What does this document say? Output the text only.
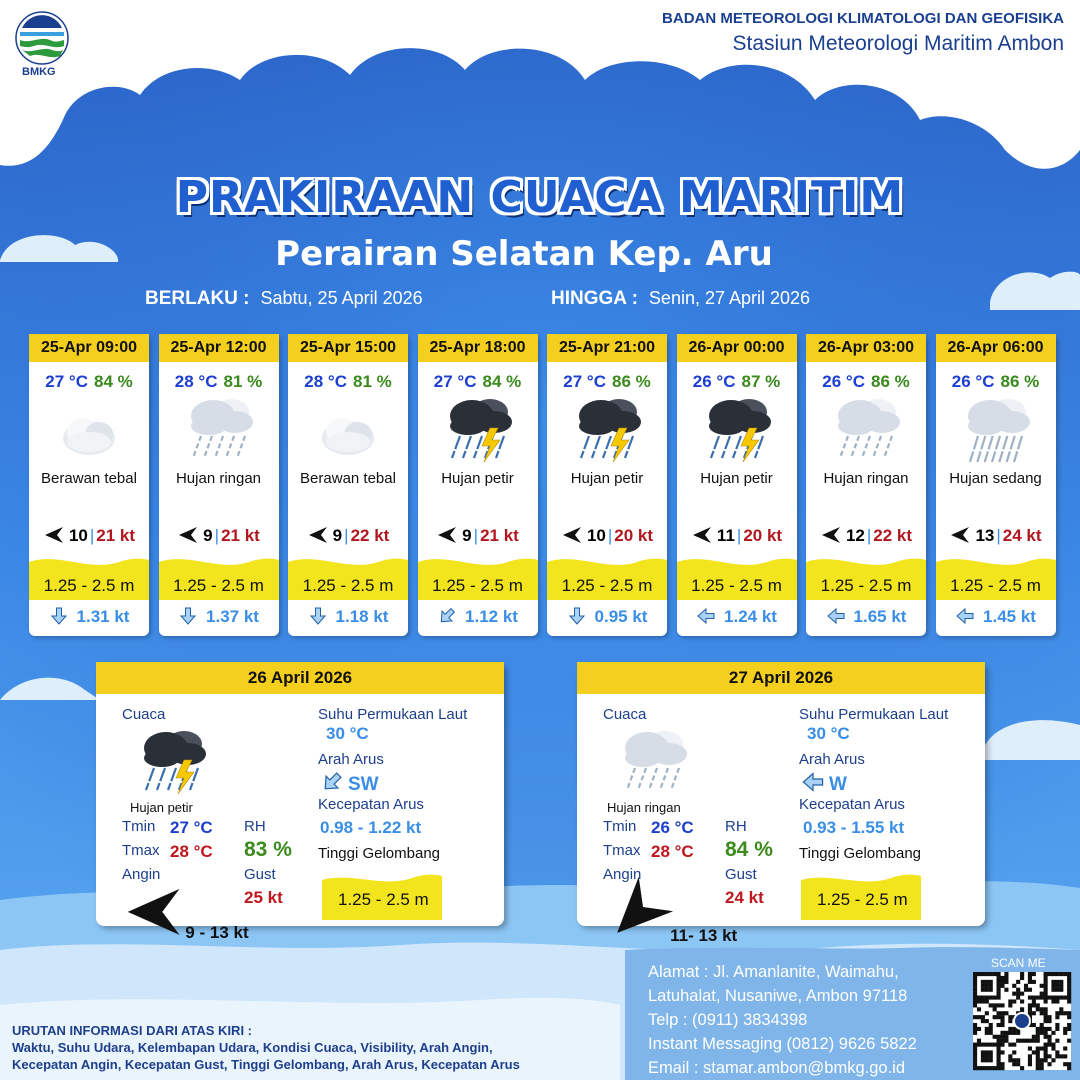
BMKG
BADAN METEOROLOGI KLIMATOLOGI DAN GEOFISIKA
Stasiun Meteorologi Maritim Ambon
PRAKIRAAN CUACA MARITIM
Perairan Selatan Kep. Aru
BERLAKU : Sabtu, 25 April 2026	HINGGA : Senin, 27 April 2026
25-Apr 09:00
27 °C 84 %
Berawan tebal
10 | 21 kt
1.25 - 2.5 m
1.31 kt
25-Apr 12:00
28 °C 81 %
Hujan ringan
9 | 21 kt
1.25 - 2.5 m
1.37 kt
25-Apr 15:00
28 °C 81 %
Berawan tebal
9 | 22 kt
1.25 - 2.5 m
1.18 kt
25-Apr 18:00
27 °C 84 %
Hujan petir
9 | 21 kt
1.25 - 2.5 m
1.12 kt
25-Apr 21:00
27 °C 86 %
Hujan petir
10 | 20 kt
1.25 - 2.5 m
0.95 kt
26-Apr 00:00
26 °C 87 %
Hujan petir
11 | 20 kt
1.25 - 2.5 m
1.24 kt
26-Apr 03:00
26 °C 86 %
Hujan ringan
12 | 22 kt
1.25 - 2.5 m
1.65 kt
26-Apr 06:00
26 °C 86 %
Hujan sedang
13 | 24 kt
1.25 - 2.5 m
1.45 kt
26 April 2026
Cuaca
Hujan petir
Tmin 27 °C
Tmax 28 °C
Angin
9 - 13 kt
RH
83 %
Gust
25 kt
Suhu Permukaan Laut
30 °C
Arah Arus
SW
Kecepatan Arus
0.98 - 1.22 kt
Tinggi Gelombang
1.25 - 2.5 m
27 April 2026
Cuaca
Hujan ringan
Tmin 26 °C
Tmax 28 °C
Angin
11- 13 kt
RH
84 %
Gust
24 kt
Suhu Permukaan Laut
30 °C
Arah Arus
W
Kecepatan Arus
0.93 - 1.55 kt
Tinggi Gelombang
1.25 - 2.5 m
URUTAN INFORMASI DARI ATAS KIRI :
Waktu, Suhu Udara, Kelembapan Udara, Kondisi Cuaca, Visibility, Arah Angin,
Kecepatan Angin, Kecepatan Gust, Tinggi Gelombang, Arah Arus, Kecepatan Arus
Alamat : Jl. Amanlanite, Waimahu,
Latuhalat, Nusaniwe, Ambon 97118
Telp : (0911) 3834398
Instant Messaging (0812) 9626 5822
Email : stamar.ambon@bmkg.go.id
SCAN ME
